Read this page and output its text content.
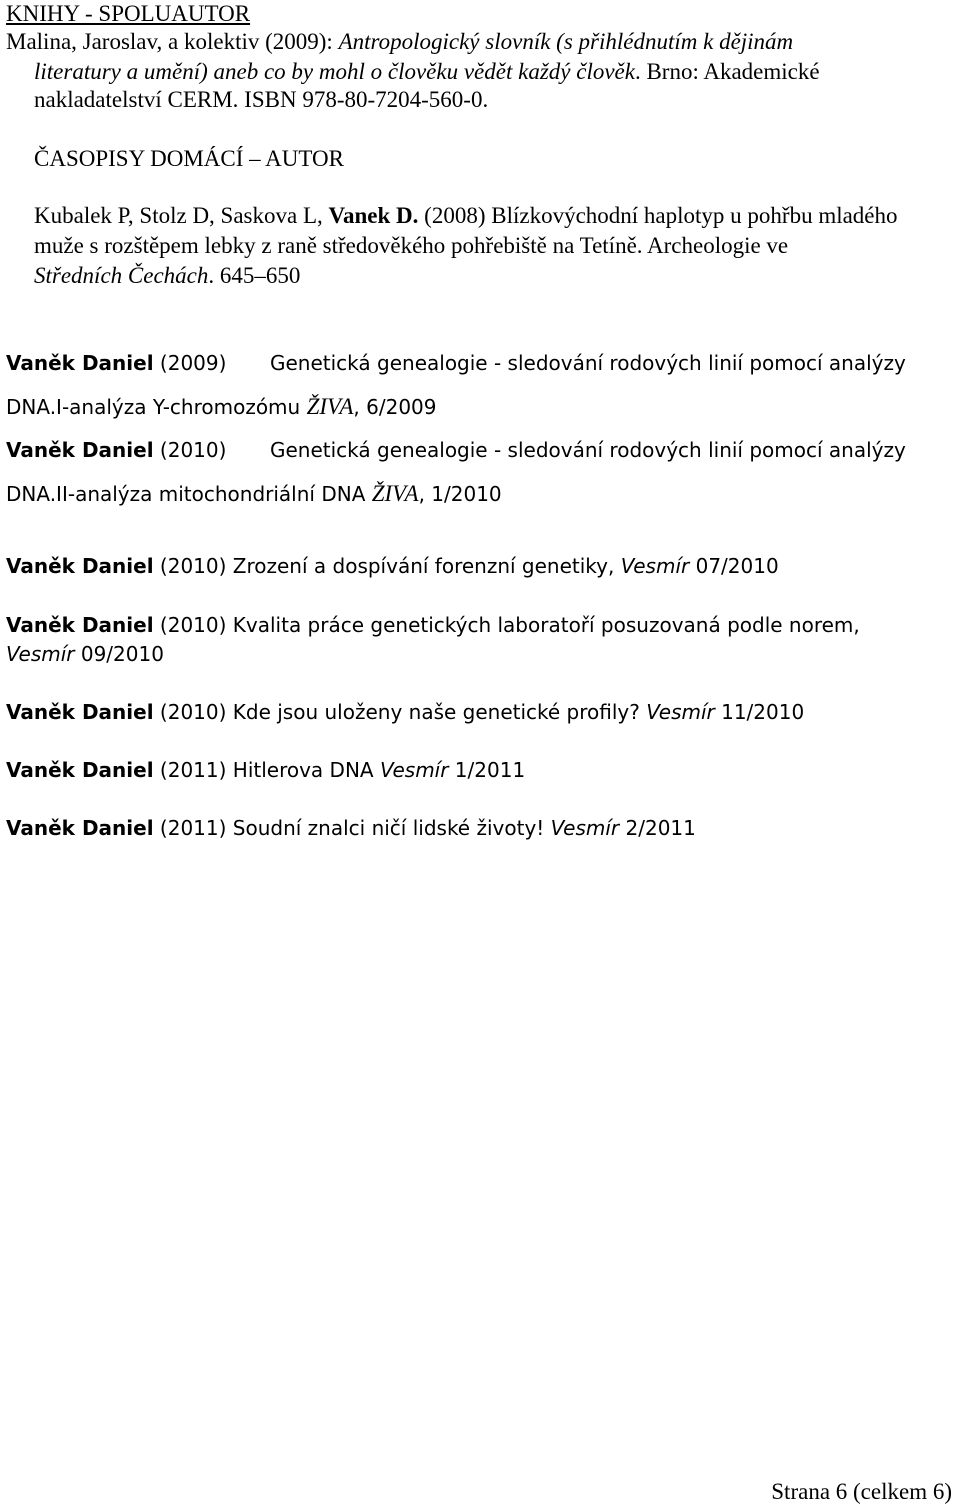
KNIHY - SPOLUAUTOR
Malina, Jaroslav, a kolektiv (2009): Antropologický slovník (s přihlédnutím k dějinám
literatury a umění) aneb co by mohl o člověku vědět každý člověk. Brno: Akademické
nakladatelství CERM. ISBN 978-80-7204-560-0.
ČASOPISY DOMÁCÍ – AUTOR
Kubalek P, Stolz D, Saskova L, Vanek D. (2008) Blízkovýchodní haplotyp u pohřbu mladého
muže s rozštěpem lebky z raně středověkého pohřebiště na Tetíně. Archeologie ve
Středních Čechách. 645–650
Vaněk Daniel (2009) Genetická genealogie - sledování rodových linií pomocí analýzy
DNA.I-analýza Y-chromozómu ŽIVA, 6/2009
Vaněk Daniel (2010) Genetická genealogie - sledování rodových linií pomocí analýzy
DNA.II-analýza mitochondriální DNA ŽIVA, 1/2010
Vaněk Daniel (2010) Zrození a dospívání forenzní genetiky, Vesmír 07/2010
Vaněk Daniel (2010) Kvalita práce genetických laboratoří posuzovaná podle norem,
Vesmír 09/2010
Vaněk Daniel (2010) Kde jsou uloženy naše genetické profily? Vesmír 11/2010
Vaněk Daniel (2011) Hitlerova DNA Vesmír 1/2011
Vaněk Daniel (2011) Soudní znalci ničí lidské životy! Vesmír 2/2011
Strana 6 (celkem 6)
